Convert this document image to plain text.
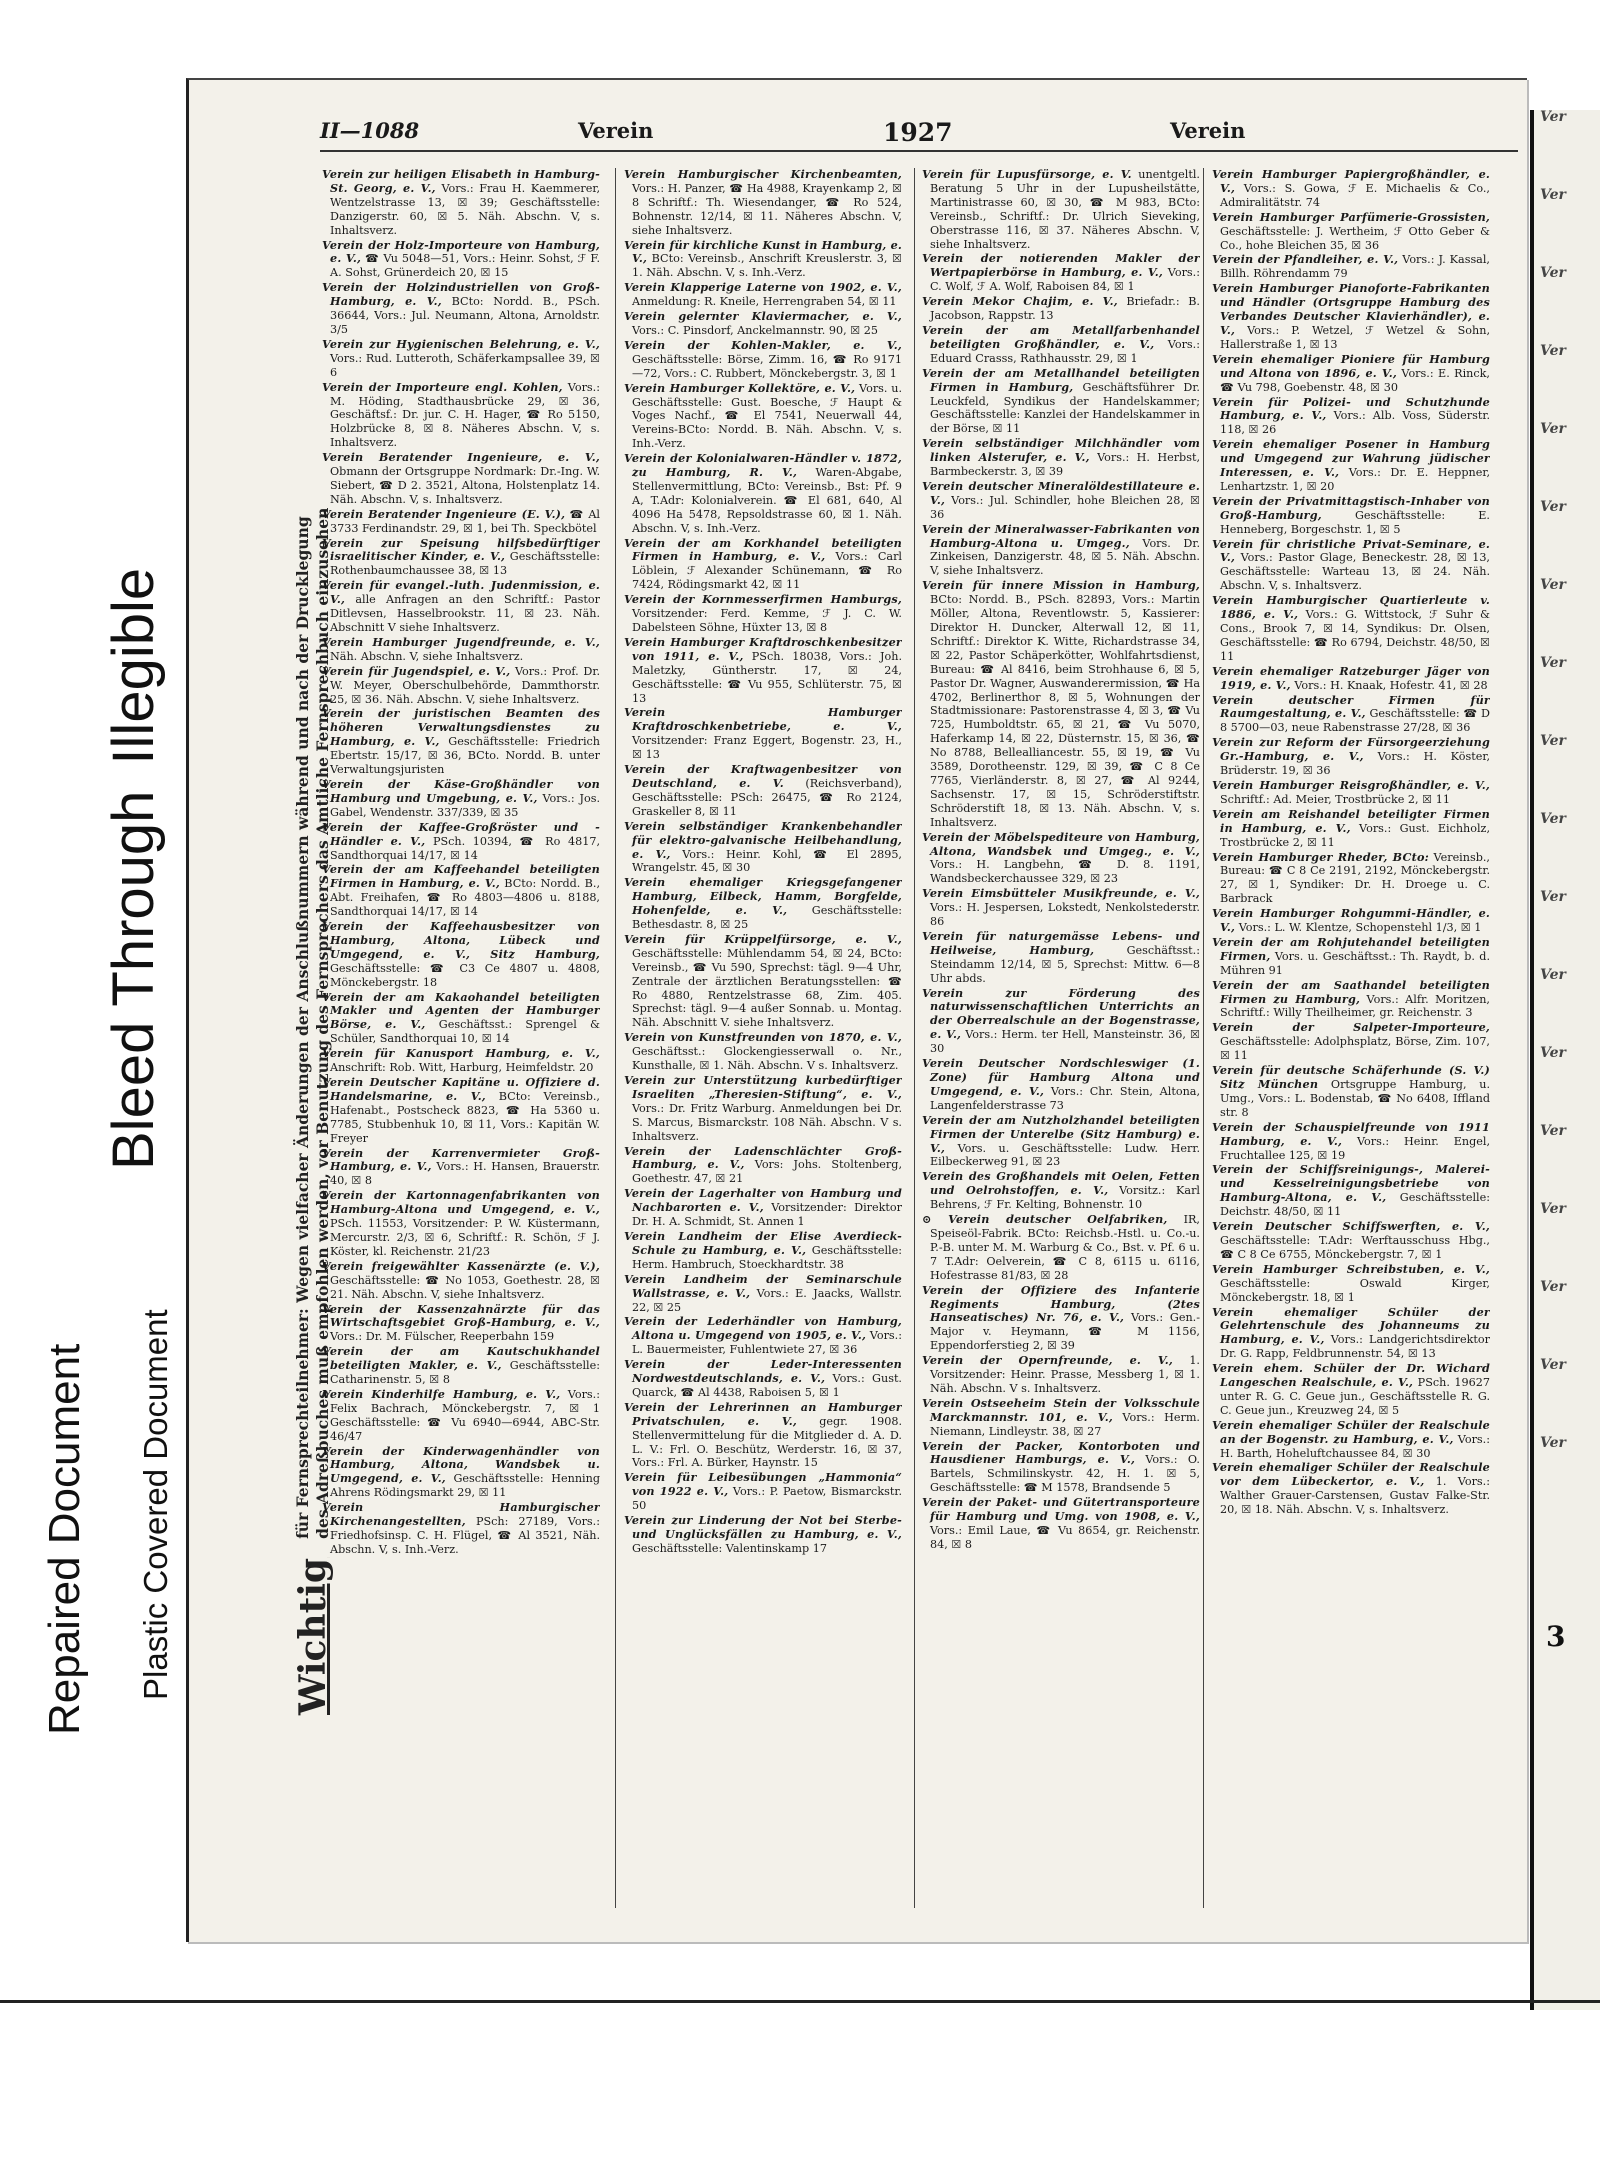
Repaired Document Plastic Covered Document
Bleed ThroughIllegible
Wichtig für Fernsprechteilnehmer: Wegen vielfacher Änderungen der Anschlußnummern während und nach der Drucklegung
des Adreßbuches muß empfohlen werden, vor Benutzung des Fernsprechers das Amtliche Fernsprechbuch einzusehen
II—1088	Verein	1927	Verein
Verein zur heiligen Elisabeth in Hamburg-St. Georg, e. V., Vors.: Frau H. Kaemmerer, Wentzelstrasse 13, ☒ 39; Geschäftsstelle: Danzigerstr. 60, ☒ 5. Näh. Abschn. V, s. Inhaltsverz.
Verein der Holz-Importeure von Hamburg, e. V., ☎ Vu 5048—51, Vors.: Heinr. Sohst, ℱ F. A. Sohst, Grünerdeich 20, ☒ 15
Verein der Holzindustriellen von Groß-Hamburg, e. V., BCto: Nordd. B., PSch. 36644, Vors.: Jul. Neumann, Altona, Arnoldstr. 3/5
Verein zur Hygienischen Belehrung, e. V., Vors.: Rud. Lutteroth, Schäferkampsallee 39, ☒ 6
Verein der Importeure engl. Kohlen, Vors.: M. Höding, Stadthausbrücke 29, ☒ 36, Geschäftsf.: Dr. jur. C. H. Hager, ☎ Ro 5150, Holzbrücke 8, ☒ 8. Näheres Abschn. V, s. Inhaltsverz.
Verein Beratender Ingenieure, e. V., Obmann der Ortsgruppe Nordmark: Dr.-Ing. W. Siebert, ☎ D 2. 3521, Altona, Holstenplatz 14. Näh. Abschn. V, s. Inhaltsverz.
Verein Beratender Ingenieure (E. V.), ☎ Al 3733 Ferdinandstr. 29, ☒ 1, bei Th. Speckbötel
Verein zur Speisung hilfsbedürftiger israelitischer Kinder, e. V., Geschäftsstelle: Rothenbaumchaussee 38, ☒ 13
Verein für evangel.-luth. Judenmission, e. V., alle Anfragen an den Schriftf.: Pastor Ditlevsen, Hasselbrookstr. 11, ☒ 23. Näh. Abschnitt V siehe Inhaltsverz.
Verein Hamburger Jugendfreunde, e. V., Näh. Abschn. V, siehe Inhaltsverz.
Verein für Jugendspiel, e. V., Vors.: Prof. Dr. W. Meyer, Oberschulbehörde, Dammthorstr. 25, ☒ 36. Näh. Abschn. V, siehe Inhaltsverz.
Verein der juristischen Beamten des höheren Verwaltungsdienstes zu Hamburg, e. V., Geschäftsstelle: Friedrich Ebertstr. 15/17, ☒ 36, BCto. Nordd. B. unter Verwaltungsjuristen
Verein der Käse-Großhändler von Hamburg und Umgebung, e. V., Vors.: Jos. Gabel, Wendenstr. 337/339, ☒ 35
Verein der Kaffee-Großröster und -Händler e. V., PSch. 10394, ☎ Ro 4817, Sandthorquai 14/17, ☒ 14
Verein der am Kaffeehandel beteiligten Firmen in Hamburg, e. V., BCto: Nordd. B., Abt. Freihafen, ☎ Ro 4803—4806 u. 8188, Sandthorquai 14/17, ☒ 14
Verein der Kaffeehausbesitzer von Hamburg, Altona, Lübeck und Umgegend, e. V., Sitz Hamburg, Geschäftsstelle: ☎ C3 Ce 4807 u. 4808, Mönckebergstr. 18
Verein der am Kakaohandel beteiligten Makler und Agenten der Hamburger Börse, e. V., Geschäftsst.: Sprengel & Schüler, Sandthorquai 10, ☒ 14
Verein für Kanusport Hamburg, e. V., Anschrift: Rob. Witt, Harburg, Heimfeldstr. 20
Verein Deutscher Kapitäne u. Offiziere d. Handelsmarine, e. V., BCto: Vereinsb., Hafenabt., Postscheck 8823, ☎ Ha 5360 u. 7785, Stubbenhuk 10, ☒ 11, Vors.: Kapitän W. Freyer
Verein der Karrenvermieter Groß-Hamburg, e. V., Vors.: H. Hansen, Brauerstr. 40, ☒ 8
Verein der Kartonnagenfabrikanten von Hamburg-Altona und Umgegend, e. V., PSch. 11553, Vorsitzender: P. W. Küstermann, Mercurstr. 2/3, ☒ 6, Schriftf.: R. Schön, ℱ J. Köster, kl. Reichenstr. 21/23
Verein freigewählter Kassenärzte (e. V.), Geschäftsstelle: ☎ No 1053, Goethestr. 28, ☒ 21. Näh. Abschn. V, siehe Inhaltsverz.
Verein der Kassenzahnärzte für das Wirtschaftsgebiet Groß-Hamburg, e. V., Vors.: Dr. M. Fülscher, Reeperbahn 159
Verein der am Kautschukhandel beteiligten Makler, e. V., Geschäftsstelle: Catharinenstr. 5, ☒ 8
Verein Kinderhilfe Hamburg, e. V., Vors.: Felix Bachrach, Mönckebergstr. 7, ☒ 1 Geschäftsstelle: ☎ Vu 6940—6944, ABC-Str. 46/47
Verein der Kinderwagenhändler von Hamburg, Altona, Wandsbek u. Umgegend, e. V., Geschäftsstelle: Henning Ahrens Rödingsmarkt 29, ☒ 11
Verein Hamburgischer Kirchenangestellten, PSch: 27189, Vors.: Friedhofsinsp. C. H. Flügel, ☎ Al 3521, Näh. Abschn. V, s. Inh.-Verz.
Verein Hamburgischer Kirchenbeamten, Vors.: H. Panzer, ☎ Ha 4988, Krayenkamp 2, ☒ 8 Schriftf.: Th. Wiesendanger, ☎ Ro 524, Bohnenstr. 12/14, ☒ 11. Näheres Abschn. V, siehe Inhaltsverz.
Verein für kirchliche Kunst in Hamburg, e. V., BCto: Vereinsb., Anschrift Kreuslerstr. 3, ☒ 1. Näh. Abschn. V, s. Inh.-Verz.
Verein Klapperige Laterne von 1902, e. V., Anmeldung: R. Kneile, Herrengraben 54, ☒ 11
Verein gelernter Klaviermacher, e. V., Vors.: C. Pinsdorf, Anckelmannstr. 90, ☒ 25
Verein der Kohlen-Makler, e. V., Geschäftsstelle: Börse, Zimm. 16, ☎ Ro 9171—72, Vors.: C. Rubbert, Mönckebergstr. 3, ☒ 1
Verein Hamburger Kollektöre, e. V., Vors. u. Geschäftsstelle: Gust. Boesche, ℱ Haupt & Voges Nachf., ☎ El 7541, Neuerwall 44, Vereins-BCto: Nordd. B. Näh. Abschn. V, s. Inh.-Verz.
Verein der Kolonialwaren-Händler v. 1872, zu Hamburg, R. V., Waren-Abgabe, Stellenvermittlung, BCto: Vereinsb., Bst: Pf. 9 A, T.Adr: Kolonialverein. ☎ El 681, 640, Al 4096 Ha 5478, Repsoldstrasse 60, ☒ 1. Näh. Abschn. V, s. Inh.-Verz.
Verein der am Korkhandel beteiligten Firmen in Hamburg, e. V., Vors.: Carl Löblein, ℱ Alexander Schünemann, ☎ Ro 7424, Rödingsmarkt 42, ☒ 11
Verein der Kornmesserfirmen Hamburgs, Vorsitzender: Ferd. Kemme, ℱ J. C. W. Dabelsteen Söhne, Hüxter 13, ☒ 8
Verein Hamburger Kraftdroschkenbesitzer von 1911, e. V., PSch. 18038, Vors.: Joh. Maletzky, Güntherstr. 17, ☒ 24, Geschäftsstelle: ☎ Vu 955, Schlüterstr. 75, ☒ 13
Verein Hamburger Kraftdroschkenbetriebe, e. V., Vorsitzender: Franz Eggert, Bogenstr. 23, H., ☒ 13
Verein der Kraftwagenbesitzer von Deutschland, e. V. (Reichsverband), Geschäftsstelle: PSch: 26475, ☎ Ro 2124, Graskeller 8, ☒ 11
Verein selbständiger Krankenbehandler für elektro-galvanische Heilbehandlung, e. V., Vors.: Heinr. Kohl, ☎ El 2895, Wrangelstr. 45, ☒ 30
Verein ehemaliger Kriegsgefangener Hamburg, Eilbeck, Hamm, Borgfelde, Hohenfelde, e. V., Geschäftsstelle: Bethesdastr. 8, ☒ 25
Verein für Krüppelfürsorge, e. V., Geschäftsstelle: Mühlendamm 54, ☒ 24, BCto: Vereinsb., ☎ Vu 590, Sprechst: tägl. 9—4 Uhr, Zentrale der ärztlichen Beratungsstellen: ☎ Ro 4880, Rentzelstrasse 68, Zim. 405. Sprechst: tägl. 9—4 außer Sonnab. u. Montag. Näh. Abschnitt V. siehe Inhaltsverz.
Verein von Kunstfreunden von 1870, e. V., Geschäftsst.: Glockengiesserwall o. Nr., Kunsthalle, ☒ 1. Näh. Abschn. V s. Inhaltsverz.
Verein zur Unterstützung kurbedürftiger Israeliten „Theresien-Stiftung“, e. V., Vors.: Dr. Fritz Warburg. Anmeldungen bei Dr. S. Marcus, Bismarckstr. 108 Näh. Abschn. V s. Inhaltsverz.
Verein der Ladenschlächter Groß-Hamburg, e. V., Vors: Johs. Stoltenberg, Goethestr. 47, ☒ 21
Verein der Lagerhalter von Hamburg und Nachbarorten e. V., Vorsitzender: Direktor Dr. H. A. Schmidt, St. Annen 1
Verein Landheim der Elise Averdieck-Schule zu Hamburg, e. V., Geschäftsstelle: Herm. Hambruch, Stoeckhardtstr. 38
Verein Landheim der Seminarschule Wallstrasse, e. V., Vors.: E. Jaacks, Wallstr. 22, ☒ 25
Verein der Lederhändler von Hamburg, Altona u. Umgegend von 1905, e. V., Vors.: L. Bauermeister, Fuhlentwiete 27, ☒ 36
Verein der Leder-Interessenten Nordwestdeutschlands, e. V., Vors.: Gust. Quarck, ☎ Al 4438, Raboisen 5, ☒ 1
Verein der Lehrerinnen an Hamburger Privatschulen, e. V., gegr. 1908. Stellenvermittelung für die Mitglieder d. A. D. L. V.: Frl. O. Beschütz, Werderstr. 16, ☒ 37, Vors.: Frl. A. Bürker, Haynstr. 15
Verein für Leibesübungen „Hammonia“ von 1922 e. V., Vors.: P. Paetow, Bismarckstr. 50
Verein zur Linderung der Not bei Sterbe- und Unglücksfällen zu Hamburg, e. V., Geschäftsstelle: Valentinskamp 17
Verein für Lupusfürsorge, e. V. unentgeltl. Beratung 5 Uhr in der Lupusheilstätte, Martinistrasse 60, ☒ 30, ☎ M 983, BCto: Vereinsb., Schriftf.: Dr. Ulrich Sieveking, Oberstrasse 116, ☒ 37. Näheres Abschn. V, siehe Inhaltsverz.
Verein der notierenden Makler der Wertpapierbörse in Hamburg, e. V., Vors.: C. Wolf, ℱ A. Wolf, Raboisen 84, ☒ 1
Verein Mekor Chajim, e. V., Briefadr.: B. Jacobson, Rappstr. 13
Verein der am Metallfarbenhandel beteiligten Großhändler, e. V., Vors.: Eduard Crasss, Rathhausstr. 29, ☒ 1
Verein der am Metallhandel beteiligten Firmen in Hamburg, Geschäftsführer Dr. Leuckfeld, Syndikus der Handelskammer; Geschäftsstelle: Kanzlei der Handelskammer in der Börse, ☒ 11
Verein selbständiger Milchhändler vom linken Alsterufer, e. V., Vors.: H. Herbst, Barmbeckerstr. 3, ☒ 39
Verein deutscher Mineralöldestillateure e. V., Vors.: Jul. Schindler, hohe Bleichen 28, ☒ 36
Verein der Mineralwasser-Fabrikanten von Hamburg-Altona u. Umgeg., Vors. Dr. Zinkeisen, Danzigerstr. 48, ☒ 5. Näh. Abschn. V, siehe Inhaltsverz.
Verein für innere Mission in Hamburg, BCto: Nordd. B., PSch. 82893, Vors.: Martin Möller, Altona, Reventlowstr. 5, Kassierer: Direktor H. Duncker, Alterwall 12, ☒ 11, Schriftf.: Direktor K. Witte, Richardstrasse 34, ☒ 22, Pastor Schäperkötter, Wohlfahrtsdienst, Bureau: ☎ Al 8416, beim Strohhause 6, ☒ 5, Pastor Dr. Wagner, Auswanderermission, ☎ Ha 4702, Berlinerthor 8, ☒ 5, Wohnungen der Stadtmissionare: Pastorenstrasse 4, ☒ 3, ☎ Vu 725, Humboldtstr. 65, ☒ 21, ☎ Vu 5070, Haferkamp 14, ☒ 22, Düsternstr. 15, ☒ 36, ☎ No 8788, Bellealliancestr. 55, ☒ 19, ☎ Vu 3589, Dorotheenstr. 129, ☒ 39, ☎ C 8 Ce 7765, Vierländerstr. 8, ☒ 27, ☎ Al 9244, Sachsenstr. 17, ☒ 15, Schröderstiftstr. Schröderstift 18, ☒ 13. Näh. Abschn. V, s. Inhaltsverz.
Verein der Möbelspediteure von Hamburg, Altona, Wandsbek und Umgeg., e. V., Vors.: H. Langbehn, ☎ D. 8. 1191, Wandsbeckerchaussee 329, ☒ 23
Verein Eimsbütteler Musikfreunde, e. V., Vors.: H. Jespersen, Lokstedt, Nenkolstederstr. 86
Verein für naturgemässe Lebens- und Heilweise, Hamburg,	Geschäftsst.: Steindamm 12/14, ☒ 5, Sprechst: Mittw. 6—8 Uhr abds.
Verein zur Förderung des naturwissenschaftlichen Unterrichts an der Oberrealschule an der Bogenstrasse, e. V., Vors.: Herm. ter Hell, Mansteinstr. 36, ☒ 30
Verein Deutscher Nordschleswiger (1. Zone) für Hamburg Altona und Umgegend, e. V., Vors.: Chr. Stein, Altona, Langenfelderstrasse 73
Verein der am Nutzholzhandel beteiligten Firmen der Unterelbe (Sitz Hamburg) e. V., Vors. u. Geschäftsstelle: Ludw. Herr. Eilbeckerweg 91, ☒ 23
Verein des Großhandels mit Oelen, Fetten und Oelrohstoffen, e. V., Vorsitz.: Karl Behrens, ℱ Fr. Kelting, Bohnenstr. 10
⊙ Verein deutscher Oelfabriken, IR, Speiseöl-Fabrik. BCto: Reichsb.-Hstl. u. Co.-u. P.-B. unter M. M. Warburg & Co., Bst. v. Pf. 6 u. 7 T.Adr: Oelverein, ☎ C 8, 6115 u. 6116, Hofestrasse 81/83, ☒ 28
Verein der Offiziere des Infanterie Regiments Hamburg, (2tes Hanseatisches) Nr. 76, e. V., Vors.: Gen.-Major v. Heymann, ☎ M 1156, Eppendorferstieg 2, ☒ 39
Verein der Opernfreunde, e. V., 1. Vorsitzender: Heinr. Prasse, Messberg 1, ☒ 1. Näh. Abschn. V s. Inhaltsverz.
Verein Ostseeheim Stein der Volksschule Marckmannstr. 101, e. V., Vors.: Herm. Niemann, Lindleystr. 38, ☒ 27
Verein der Packer, Kontorboten und Hausdiener Hamburgs, e. V., Vors.: O. Bartels, Schmilinskystr. 42, H. 1. ☒ 5, Geschäftsstelle: ☎ M 1578, Brandsende 5
Verein der Paket- und Gütertransporteure für Hamburg und Umg. von 1908, e. V., Vors.: Emil Laue, ☎ Vu 8654, gr. Reichenstr. 84, ☒ 8
Verein Hamburger Papiergroßhändler, e. V., Vors.: S. Gowa, ℱ E. Michaelis & Co., Admiralitätstr. 74
Verein Hamburger Parfümerie-Grossisten, Geschäftsstelle: J. Wertheim, ℱ Otto Geber & Co., hohe Bleichen 35, ☒ 36
Verein der Pfandleiher, e. V., Vors.: J. Kassal, Billh. Röhrendamm 79
Verein Hamburger Pianoforte-Fabrikanten und Händler (Ortsgruppe Hamburg des Verbandes Deutscher Klavierhändler), e. V., Vors.: P. Wetzel, ℱ Wetzel & Sohn, Hallerstraße 1, ☒ 13
Verein ehemaliger Pioniere für Hamburg und Altona von 1896, e. V., Vors.: E. Rinck, ☎ Vu 798, Goebenstr. 48, ☒ 30
Verein für Polizei- und Schutzhunde Hamburg, e. V., Vors.: Alb. Voss, Süderstr. 118, ☒ 26
Verein ehemaliger Posener in Hamburg und Umgegend zur Wahrung jüdischer Interessen, e. V., Vors.: Dr. E. Heppner, Lenhartzstr. 1, ☒ 20
Verein der Privatmittagstisch-Inhaber von Groß-Hamburg,	Geschäftsstelle: E. Henneberg, Borgeschstr. 1, ☒ 5
Verein für christliche Privat-Seminare, e. V., Vors.: Pastor Glage, Beneckestr. 28, ☒ 13, Geschäftsstelle: Warteau 13, ☒ 24. Näh. Abschn. V, s. Inhaltsverz.
Verein Hamburgischer Quartierleute v. 1886, e. V., Vors.: G. Wittstock, ℱ Suhr & Cons., Brook 7, ☒ 14, Syndikus: Dr. Olsen, Geschäftsstelle: ☎ Ro 6794, Deichstr. 48/50, ☒ 11
Verein ehemaliger Ratzeburger Jäger von 1919, e. V., Vors.: H. Knaak, Hofestr. 41, ☒ 28
Verein deutscher Firmen für Raumgestaltung, e. V., Geschäftsstelle: ☎ D 8 5700—03, neue Rabenstrasse 27/28, ☒ 36
Verein zur Reform der Fürsorgeerziehung Gr.-Hamburg, e. V., Vors.: H. Köster, Brüderstr. 19, ☒ 36
Verein Hamburger Reisgroßhändler, e. V., Schriftf.: Ad. Meier, Trostbrücke 2, ☒ 11
Verein am Reishandel beteiligter Firmen in Hamburg, e. V., Vors.: Gust. Eichholz, Trostbrücke 2, ☒ 11
Verein Hamburger Rheder, BCto: Vereinsb., Bureau: ☎ C 8 Ce 2191, 2192, Mönckebergstr. 27, ☒ 1, Syndiker: Dr. H. Droege u. C. Barbrack
Verein Hamburger Rohgummi-Händler, e. V., Vors.: L. W. Klentze, Schopenstehl 1/3, ☒ 1
Verein der am Rohjutehandel beteiligten Firmen, Vors. u. Geschäftsst.: Th. Raydt, b. d. Mühren 91
Verein der am Saathandel beteiligten Firmen zu Hamburg, Vors.: Alfr. Moritzen, Schriftf.: Willy Theilheimer, gr. Reichenstr. 3
Verein der Salpeter-Importeure, Geschäftsstelle: Adolphsplatz, Börse, Zim. 107, ☒ 11
Verein für deutsche Schäferhunde (S. V.) Sitz München Ortsgruppe Hamburg, u. Umg., Vors.: L. Bodenstab, ☎ No 6408, Iffland str. 8
Verein der Schauspielfreunde von 1911 Hamburg, e. V., Vors.: Heinr. Engel, Fruchtallee 125, ☒ 19
Verein der Schiffsreinigungs-, Malerei- und Kesselreinigungsbetriebe von Hamburg-Altona, e. V., Geschäftsstelle: Deichstr. 48/50, ☒ 11
Verein Deutscher Schiffswerften, e. V., Geschäftsstelle: T.Adr: Werftausschuss Hbg., ☎ C 8 Ce 6755, Mönckebergstr. 7, ☒ 1
Verein Hamburger Schreibstuben, e. V., Geschäftsstelle: Oswald Kirger, Mönckebergstr. 18, ☒ 1
Verein ehemaliger Schüler der Gelehrtenschule des Johanneums zu Hamburg, e. V., Vors.: Landgerichtsdirektor Dr. G. Rapp, Feldbrunnenstr. 54, ☒ 13
Verein ehem. Schüler der Dr. Wichard Langeschen Realschule, e. V., PSch. 19627 unter R. G. C. Geue jun., Geschäftsstelle R. G. C. Geue jun., Kreuzweg 24, ☒ 5
Verein ehemaliger Schüler der Realschule an der Bogenstr. zu Hamburg, e. V., Vors.: H. Barth, Hoheluftchaussee 84, ☒ 30
Verein ehemaliger Schüler der Realschule vor dem Lübeckertor, e. V., 1. Vors.: Walther Grauer-Carstensen, Gustav Falke-Str. 20, ☒ 18. Näh. Abschn. V, s. Inhaltsverz.
Ver
Ver
Ver
Ver
Ver
Ver
Ver
Ver
Ver
Ver
Ver
Ver
Ver
Ver
Ver
Ver
Ver
Ver
3
